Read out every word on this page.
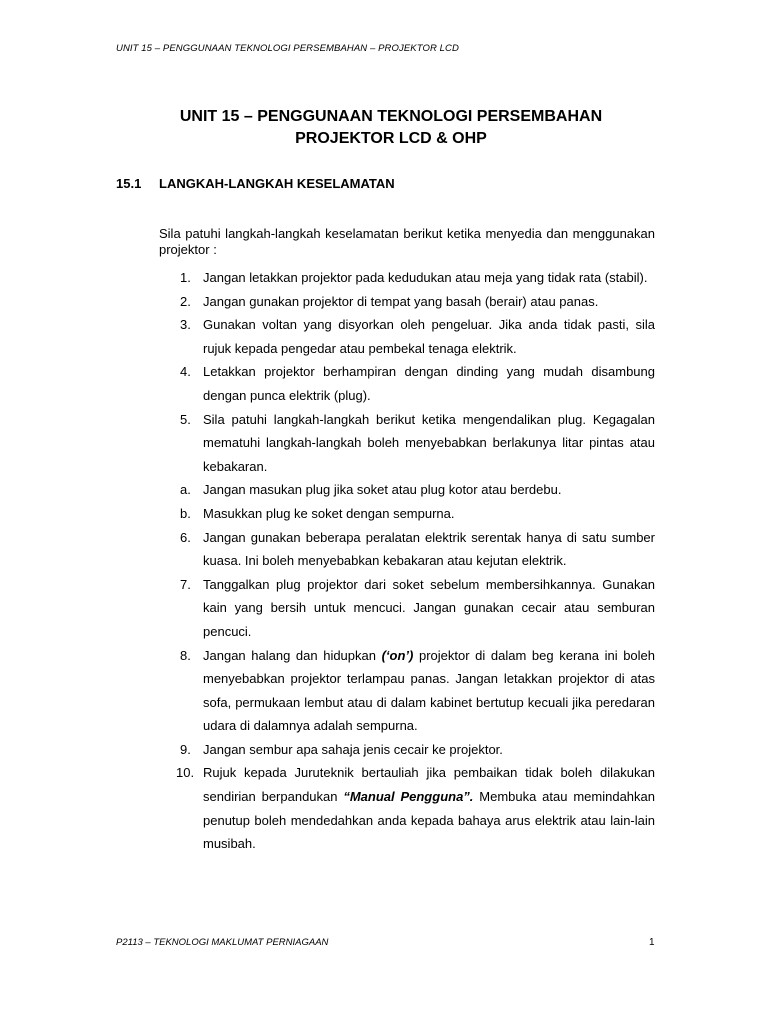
UNIT 15 – PENGGUNAAN TEKNOLOGI PERSEMBAHAN – PROJEKTOR LCD
UNIT 15 – PENGGUNAAN TEKNOLOGI PERSEMBAHAN
PROJEKTOR LCD & OHP
15.1 LANGKAH-LANGKAH KESELAMATAN
Sila patuhi langkah-langkah keselamatan berikut ketika menyedia dan menggunakan projektor :
1. Jangan letakkan projektor pada kedudukan atau meja yang tidak rata (stabil).
2. Jangan gunakan projektor di tempat yang basah (berair) atau panas.
3. Gunakan voltan yang disyorkan oleh pengeluar. Jika anda tidak pasti, sila rujuk kepada pengedar atau pembekal tenaga elektrik.
4. Letakkan projektor berhampiran dengan dinding yang mudah disambung dengan punca elektrik (plug).
5. Sila patuhi langkah-langkah berikut ketika mengendalikan plug. Kegagalan mematuhi langkah-langkah boleh menyebabkan berlakunya litar pintas atau kebakaran.
a. Jangan masukan plug jika soket atau plug kotor atau berdebu.
b. Masukkan plug ke soket dengan sempurna.
6. Jangan gunakan beberapa peralatan elektrik serentak hanya di satu sumber kuasa. Ini boleh menyebabkan kebakaran atau kejutan elektrik.
7. Tanggalkan plug projektor dari soket sebelum membersihkannya. Gunakan kain yang bersih untuk mencuci. Jangan gunakan cecair atau semburan pencuci.
8. Jangan halang dan hidupkan (‘on’) projektor di dalam beg kerana ini boleh menyebabkan projektor terlampau panas. Jangan letakkan projektor di atas sofa, permukaan lembut atau di dalam kabinet bertutup kecuali jika peredaran udara di dalamnya adalah sempurna.
9. Jangan sembur apa sahaja jenis cecair ke projektor.
10. Rujuk kepada Juruteknik bertauliah jika pembaikan tidak boleh dilakukan sendirian berpandukan “Manual Pengguna”. Membuka atau memindahkan penutup boleh mendedahkan anda kepada bahaya arus elektrik atau lain-lain musibah.
P2113 – TEKNOLOGI MAKLUMAT PERNIAGAAN	1
